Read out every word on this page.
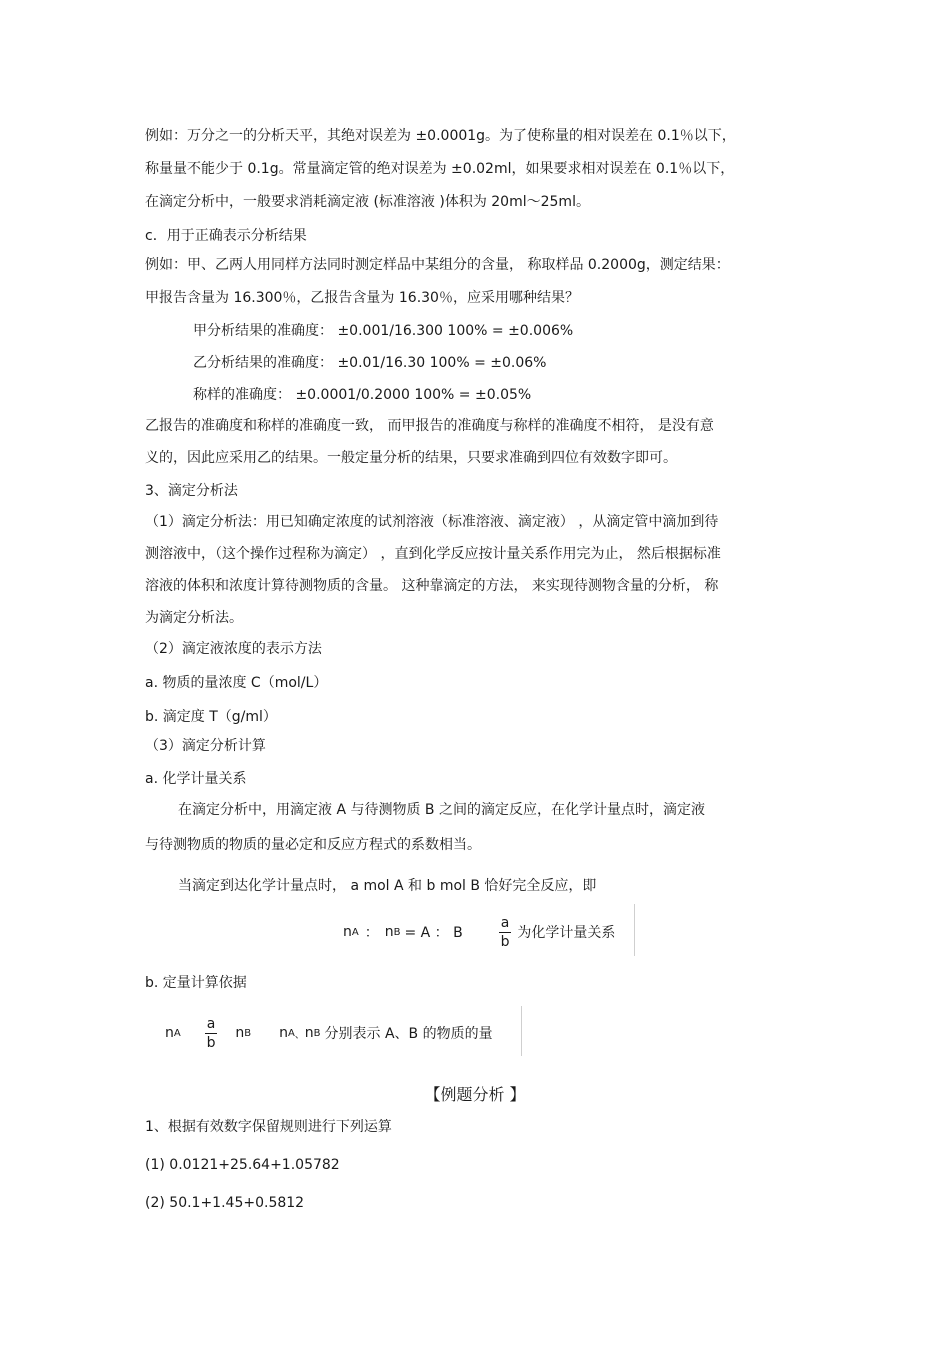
例如：万分之一的分析天平，其绝对误差为 ±0.0001g。为了使称量的相对误差在 0.1％以下，
称量量不能少于 0.1g。常量滴定管的绝对误差为 ±0.02ml，如果要求相对误差在 0.1％以下，
在滴定分析中，一般要求消耗滴定液 (标准溶液 )体积为 20ml～25ml。
c．用于正确表示分析结果
例如：甲、乙两人用同样方法同时测定样品中某组分的含量， 称取样品 0.2000g，测定结果：
甲报告含量为 16.300％，乙报告含量为 16.30％，应采用哪种结果？
甲分析结果的准确度： ±0.001/16.300 100% = ±0.006%
乙分析结果的准确度： ±0.01/16.30 100% = ±0.06%
称样的准确度： ±0.0001/0.2000 100% = ±0.05%
乙报告的准确度和称样的准确度一致， 而甲报告的准确度与称样的准确度不相符， 是没有意
义的，因此应采用乙的结果。一般定量分析的结果，只要求准确到四位有效数字即可。
3、滴定分析法
（1）滴定分析法：用已知确定浓度的试剂溶液（标准溶液、滴定液） ，从滴定管中滴加到待
测溶液中，（这个操作过程称为滴定） ，直到化学反应按计量关系作用完为止， 然后根据标准
溶液的体积和浓度计算待测物质的含量。 这种靠滴定的方法， 来实现待测物含量的分析， 称
为滴定分析法。
（2）滴定液浓度的表示方法
a. 物质的量浓度 C（mol/L）
b. 滴定度 T（g/ml）
（3）滴定分析计算
a. 化学计量关系
在滴定分析中，用滴定液 A 与待测物质 B 之间的滴定反应，在化学计量点时，滴定液
与待测物质的物质的量必定和反应方程式的系数相当。
当滴定到达化学计量点时， a mol A 和 b mol B 恰好完全反应，即
n A ： n B = A ： B	$\frac{a}{b}$ 为化学计量关系
b. 定量计算依据
n A $\frac{a}{b}$ n B n A 、 n B 分别表示 A、B 的物质的量
【例题分析 】
1、根据有效数字保留规则进行下列运算
(1) 0.0121+25.64+1.05782
(2) 50.1+1.45+0.5812
